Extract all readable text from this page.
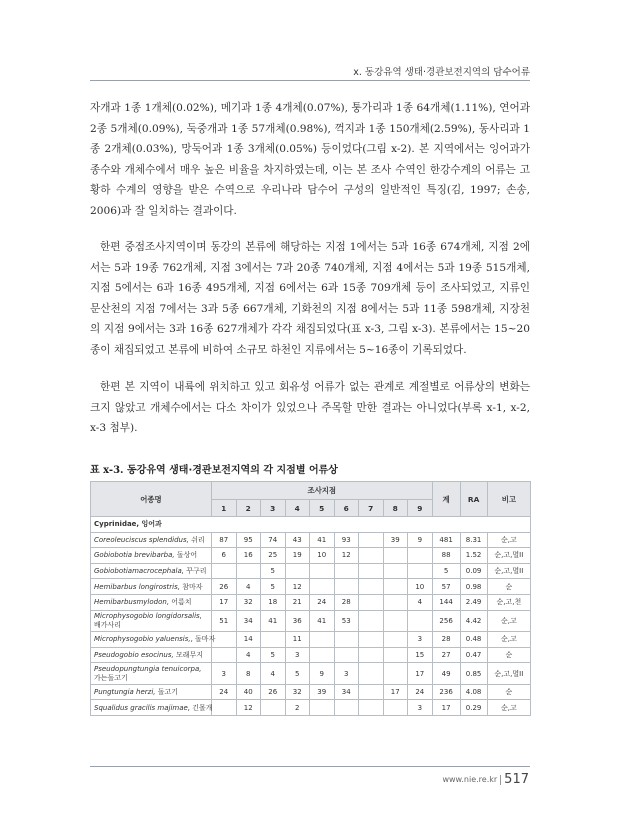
x. 동강유역 생태·경관보전지역의 담수어류

자개과 1종 1개체(0.02%), 메기과 1종 4개체(0.07%), 퉁가리과 1종 64개체(1.11%), 연어과 2종 5개체(0.09%), 둑중개과 1종 57개체(0.98%), 꺽지과 1종 150개체(2.59%), 동사리과 1종 2개체(0.03%), 망둑어과 1종 3개체(0.05%) 등이었다(그림 x-2). 본 지역에서는 잉어과가 종수와 개체수에서 매우 높은 비율을 차지하였는데, 이는 본 조사 수역인 한강수계의 어류는 고황하 수계의 영향을 받은 수역으로 우리나라 담수어 구성의 일반적인 특징(김, 1997; 손송, 2006)과 잘 일치하는 결과이다.

한편 중점조사지역이며 동강의 본류에 해당하는 지점 1에서는 5과 16종 674개체, 지점 2에서는 5과 19종 762개체, 지점 3에서는 7과 20종 740개체, 지점 4에서는 5과 19종 515개체, 지점 5에서는 6과 16종 495개체, 지점 6에서는 6과 15종 709개체 등이 조사되었고, 지류인 문산천의 지점 7에서는 3과 5종 667개체, 기화천의 지점 8에서는 5과 11종 598개체, 지장천의 지점 9에서는 3과 16종 627개체가 각각 채집되었다(표 x-3, 그림 x-3). 본류에서는 15~20종이 채집되었고 본류에 비하여 소규모 하천인 지류에서는 5~16종이 기록되었다.

한편 본 지역이 내륙에 위치하고 있고 회유성 어류가 없는 관계로 계절별로 어류상의 변화는 크지 않았고 개체수에서는 다소 차이가 있었으나 주목할 만한 결과는 아니었다(부록 x-1, x-2, x-3 첨부).

표 x-3. 동강유역 생태·경관보전지역의 각 지점별 어류상
어종명	조사지점									계	RA	비고
	1	2	3	4	5	6	7	8	9			
Cyprinidae, 잉어과												
Coreoleuciscus splendidus, 쉬리	87	95	74	43	41	93		39	9	481	8.31	순,고
Gobiobotia brevibarba, 돌상어	6	16	25	19	10	12				88	1.52	순,고,멸II
Gobiobotiamacrocephala, 꾸구리			5							5	0.09	순,고,멸II
Hemibarbus longirostris, 참마자	26	4	5	12					10	57	0.98	순
Hemibarbusmylodon, 어름치	17	32	18	21	24	28			4	144	2.49	순,고,천
Microphysogobio longidorsalis, 배가사리	51	34	41	36	41	53				256	4.42	순,고
Microphysogobio yaluensis,, 돌마자		14		11					3	28	0.48	순,고
Pseudogobio esocinus, 모래무지		4	5	3					15	27	0.47	순
Pseudopungtungia tenuicorpa, 가는돌고기	3	8	4	5	9	3			17	49	0.85	순,고,멸II
Pungtungia herzi, 돌고기	24	40	26	32	39	34		17	24	236	4.08	순
Squalidus gracilis majimae, 긴몰개		12		2					3	17	0.29	순,고
www.nie.re.kr 517
